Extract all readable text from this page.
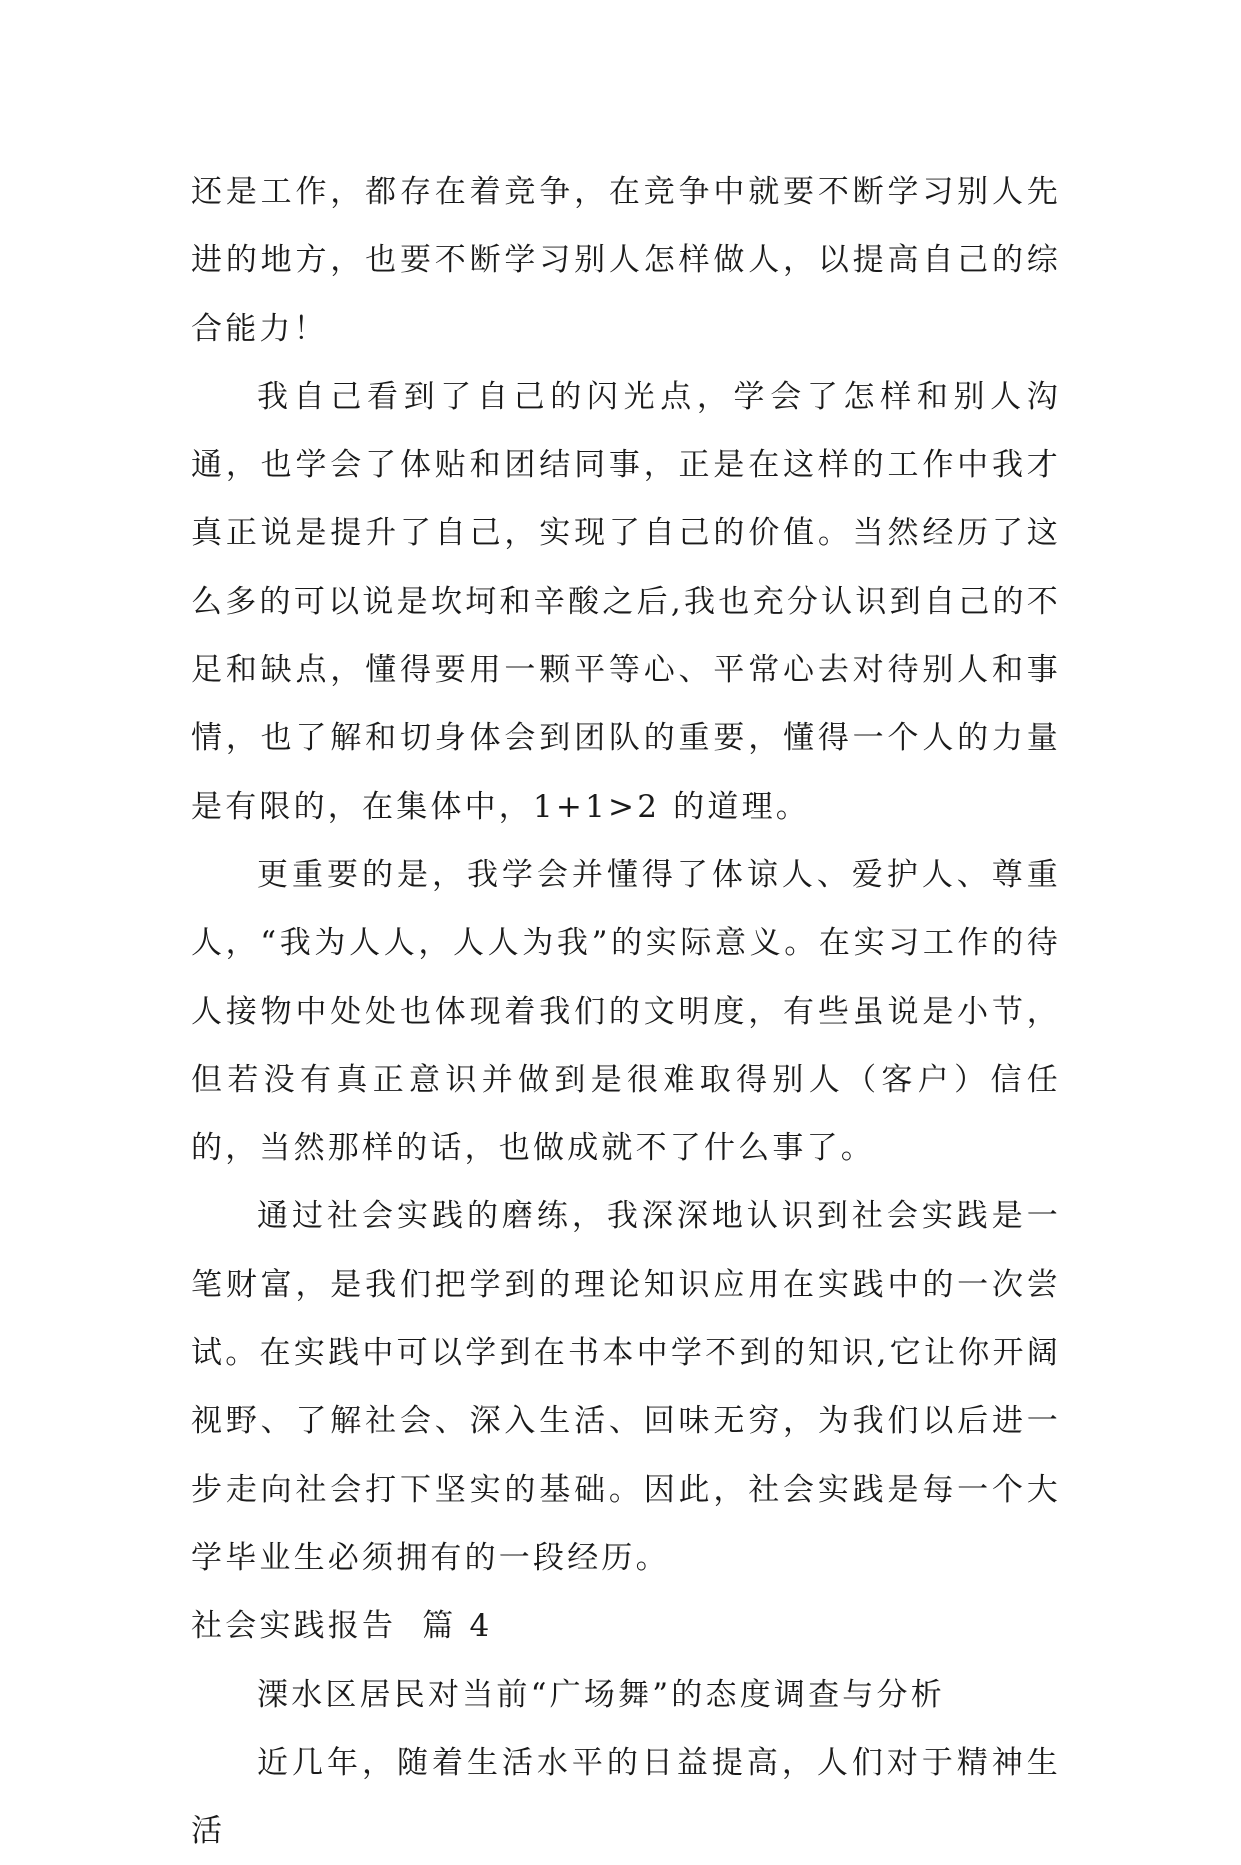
还是工作，都存在着竞争，在竞争中就要不断学习别人先进的地方，也要不断学习别人怎样做人，以提高自己的综合能力！

我自己看到了自己的闪光点，学会了怎样和别人沟通，也学会了体贴和团结同事，正是在这样的工作中我才真正说是提升了自己，实现了自己的价值。当然经历了这么多的可以说是坎坷和辛酸之后,我也充分认识到自己的不足和缺点，懂得要用一颗平等心、平常心去对待别人和事情，也了解和切身体会到团队的重要，懂得一个人的力量是有限的，在集体中，1+1>2 的道理。

更重要的是，我学会并懂得了体谅人、爱护人、尊重人，“我为人人，人人为我”的实际意义。在实习工作的待人接物中处处也体现着我们的文明度，有些虽说是小节，但若没有真正意识并做到是很难取得别人（客户）信任的，当然那样的话，也做成就不了什么事了。

通过社会实践的磨练，我深深地认识到社会实践是一笔财富，是我们把学到的理论知识应用在实践中的一次尝试。在实践中可以学到在书本中学不到的知识,它让你开阔视野、了解社会、深入生活、回味无穷，为我们以后进一步走向社会打下坚实的基础。因此，社会实践是每一个大学毕业生必须拥有的一段经历。

社会实践报告  篇 4

溧水区居民对当前“广场舞”的态度调查与分析

近几年，随着生活水平的日益提高，人们对于精神生活
